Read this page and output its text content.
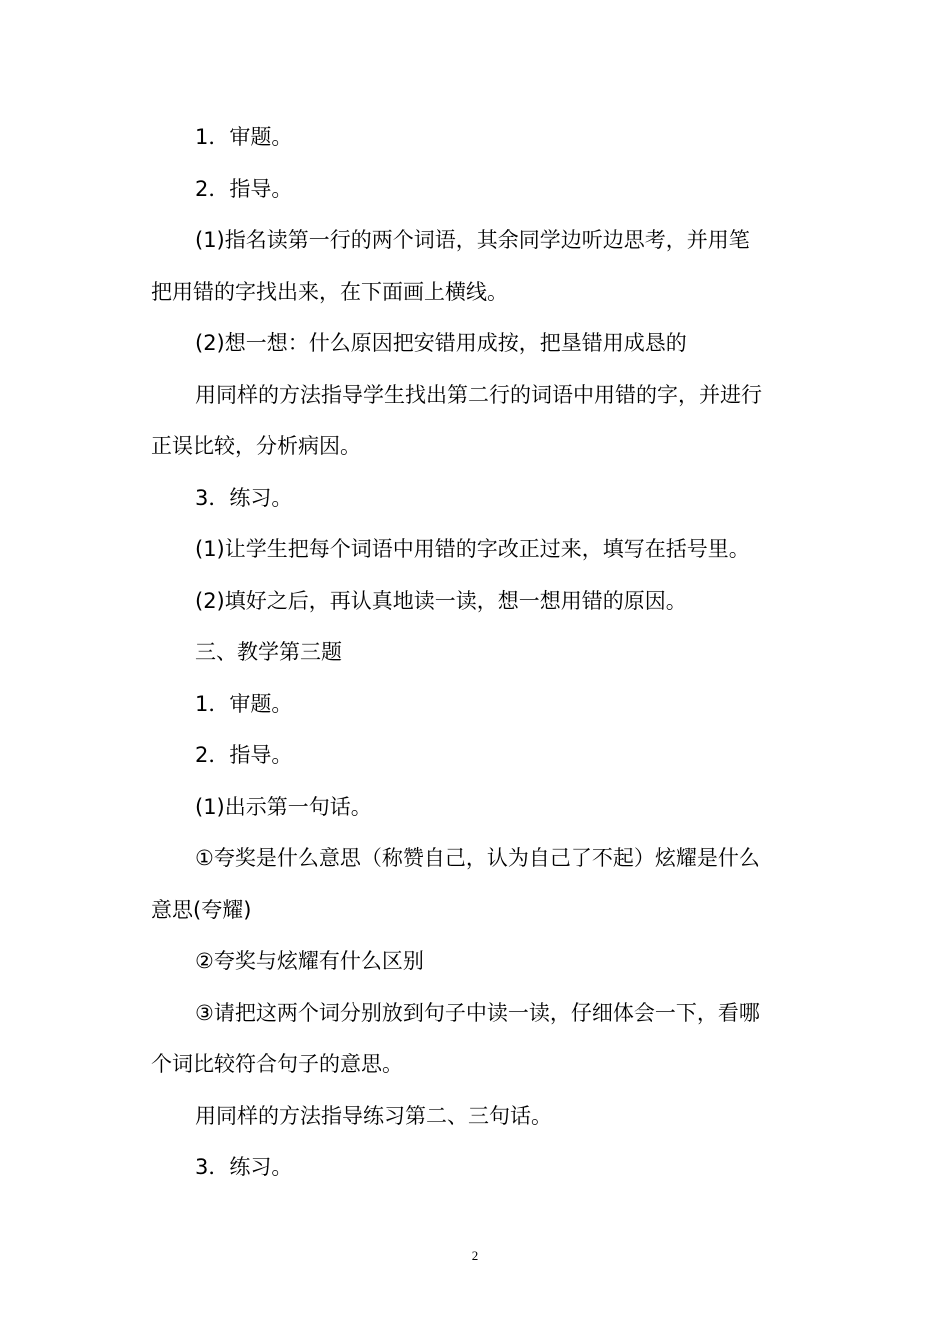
1．审题。

2．指导。

(1)指名读第一行的两个词语，其余同学边听边思考，并用笔

把用错的字找出来，在下面画上横线。

(2)想一想：什么原因把安错用成按，把垦错用成恳的

用同样的方法指导学生找出第二行的词语中用错的字，并进行

正误比较，分析病因。

3．练习。

(1)让学生把每个词语中用错的字改正过来，填写在括号里。

(2)填好之后，再认真地读一读，想一想用错的原因。

三、教学第三题

1．审题。

2．指导。

(1)出示第一句话。

①夸奖是什么意思（称赞自己，认为自己了不起）炫耀是什么

意思(夸耀)

②夸奖与炫耀有什么区别

③请把这两个词分别放到句子中读一读，仔细体会一下，看哪

个词比较符合句子的意思。

用同样的方法指导练习第二、三句话。

3．练习。

2
